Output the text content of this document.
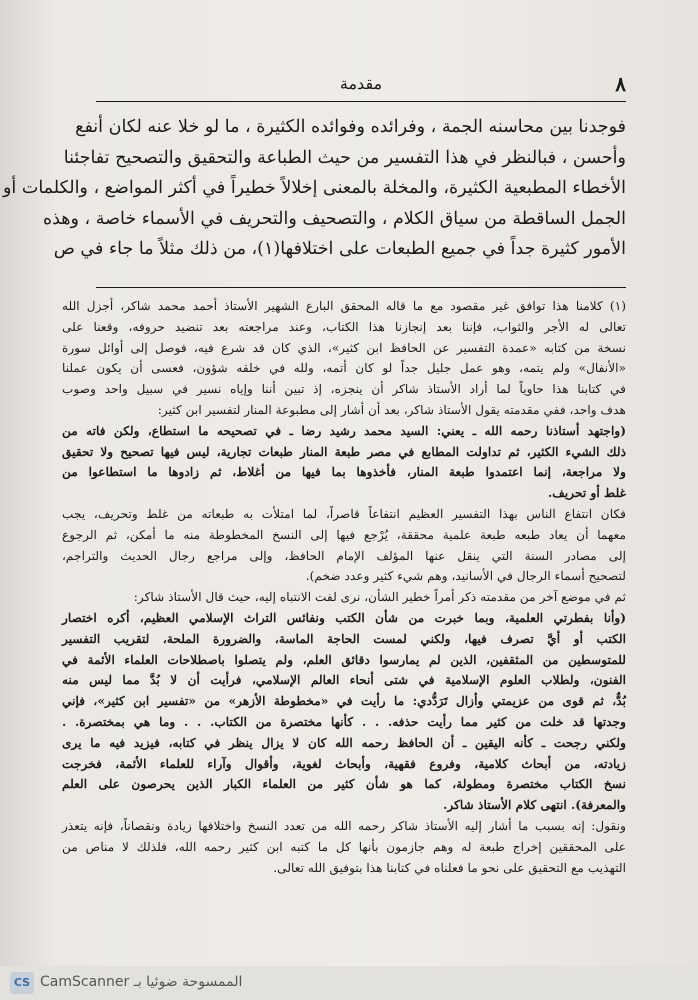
٨
مقدمة
فوجدنا بين محاسنه الجمة ، وفرائده وفوائده الكثيرة ، ما لو خلا عنه لكان أنفع
وأحسن ، فبالنظر في هذا التفسير من حيث الطباعة والتحقيق والتصحيح تفاجئنا
الأخطاء المطبعية الكثيرة، والمخلة بالمعنى إخلالاً خطيراً في أكثر المواضع ، والكلمات أو
الجمل الساقطة من سياق الكلام ، والتصحيف والتحريف في الأسماء خاصة ، وهذه
الأمور كثيرة جداً في جميع الطبعات على اختلافها(١)، من ذلك مثلاً ما جاء في ص
(١) كلامنا هذا توافق غير مقصود مع ما قاله المحقق البارع الشهير الأستاذ أحمد محمد شاكر، أجزل الله
تعالى له الأجر والثواب، فإننا بعد إنجازنا هذا الكتاب، وعند مراجعته بعد تنضيد حروفه، وقعنا على
نسخة من كتابه «عمدة التفسير عن الحافظ ابن كثير»، الذي كان قد شرع فيه، فوصل إلى أوائل سورة
«الأنفال» ولم يتمه، وهو عمل جليل جداً لو كان أتمه، ولله في خلقه شؤون، فعسى أن يكون عملنا
في كتابنا هذا حاوياً لما أراد الأستاذ شاكر أن ينجزه، إذ تبين أننا وإياه نسير في سبيل واحد وصوب
هدف واحد، ففي مقدمته يقول الأستاذ شاكر، بعد أن أشار إلى مطبوعة المنار لتفسير ابن كثير:
(واجتهد أستاذنا رحمه الله ـ يعني: السيد محمد رشيد رضا ـ في تصحيحه ما استطاع، ولكن فاته من
ذلك الشيء الكثير، ثم تداولت المطابع في مصر طبعة المنار طبعات تجارية، ليس فيها تصحيح ولا تحقيق
ولا مراجعة، إنما اعتمدوا طبعة المنار، فأخذوها بما فيها من أغلاط، ثم زادوها ما استطاعوا من
غلط أو تحريف.
فكان انتفاع الناس بهذا التفسير العظيم انتفاعاً قاصراً، لما امتلأت به طبعاته من غلط وتحريف، يجب
معهما أن يعاد طبعه طبعة علمية محققة، يُرْجع فيها إلى النسخ المخطوطة منه ما أمكن، ثم الرجوع
إلى مصادر السنة التي ينقل عنها المؤلف الإمام الحافظ، وإلى مراجع رجال الحديث والتراجم،
لتصحيح أسماء الرجال في الأسانيد، وهم شيء كثير وعدد ضخم).
ثم في موضع آخر من مقدمته ذكر أمراً خطير الشأن، نرى لفت الانتباه إليه، حيث قال الأستاذ شاكر:
(وأنا بفطرتي العلمية، وبما خبرت من شأن الكتب ونفائس التراث الإسلامي العظيم، أكره اختصار
الكتب أو أيَّ تصرف فيها، ولكني لمست الحاجة الماسة، والضرورة الملحة، لتقريب التفسير
للمتوسطين من المثقفين، الذين لم يمارسوا دقائق العلم، ولم يتصلوا باصطلاحات العلماء الأئمة في
الفنون، ولطلاب العلوم الإسلامية في شتى أنحاء العالم الإسلامي، فرأيت أن لا بُدَّ مما ليس منه
بُدٌّ، ثم قوى من عزيمتي وأزال تَرَدُّدي: ما رأيت في «مخطوطة الأزهر» من «تفسير ابن كثير»، فإني
وجدتها قد خلت من كثير مما رأيت حذفه. . . كأنها مختصرة من الكتاب. . . وما هي بمختصرة. .
ولكني رجحت ـ كأنه اليقين ـ أن الحافظ رحمه الله كان لا يزال ينظر في كتابه، فيزيد فيه ما يرى
زيادته، من أبحاث كلامية، وفروع فقهية، وأبحاث لغوية، وأقوال وآراء للعلماء الأئمة، فخرجت
نسخ الكتاب مختصرة ومطولة، كما هو شأن كثير من العلماء الكبار الذين يحرصون على العلم
والمعرفة). انتهى كلام الأستاذ شاكر.
ونقول: إنه بسبب ما أشار إليه الأستاذ شاكر رحمه الله من تعدد النسخ واختلافها زيادة ونقصاناً، فإنه يتعذر
على المحققين إخراج طبعة له وهم جازمون بأنها كل ما كتبه ابن كثير رحمه الله، فلذلك لا مناص من
التهذيب مع التحقيق على نحو ما فعلناه في كتابنا هذا بتوفيق الله تعالى.
CS CamScanner الممسوحة ضوئيا بـ
